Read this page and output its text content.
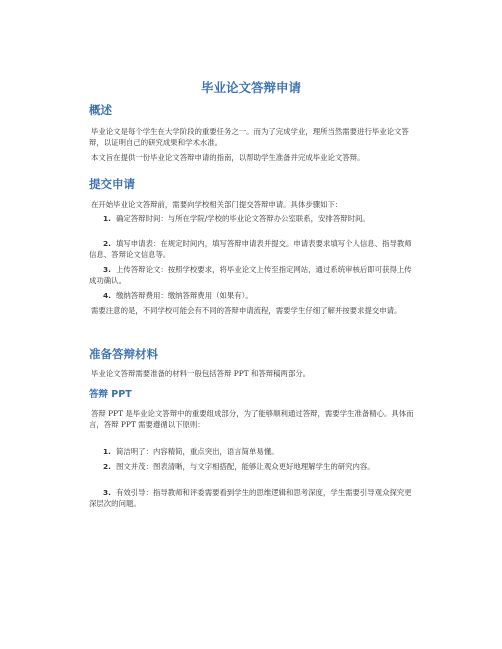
毕业论文答辩申请
概述
毕业论文是每个学生在大学阶段的重要任务之一。而为了完成学业，理所当然需要进行毕业论文答辩，以证明自己的研究成果和学术水准。
本文旨在提供一份毕业论文答辩申请的指南，以帮助学生准备并完成毕业论文答辩。
提交申请
在开始毕业论文答辩前，需要向学校相关部门提交答辩申请。具体步骤如下：
1. 确定答辩时间：与所在学院/学校的毕业论文答辩办公室联系，安排答辩时间。
2. 填写申请表：在规定时间内，填写答辩申请表并提交。申请表要求填写个人信息、指导教师信息、答辩论文信息等。
3. 上传答辩论文：按照学校要求，将毕业论文上传至指定网站，通过系统审核后即可获得上传成功确认。
4. 缴纳答辩费用：缴纳答辩费用（如果有）。
需要注意的是，不同学校可能会有不同的答辩申请流程，需要学生仔细了解并按要求提交申请。
准备答辩材料
毕业论文答辩需要准备的材料一般包括答辩 PPT 和答辩稿两部分。
答辩 PPT
答辩 PPT 是毕业论文答辩中的重要组成部分，为了能够顺利通过答辩，需要学生准备精心。具体而言，答辩 PPT 需要遵循以下原则：
1. 简洁明了：内容精简，重点突出，语言简单易懂。
2. 图文并茂：图表清晰，与文字相搭配，能够让观众更好地理解学生的研究内容。
3. 有效引导：指导教师和评委需要看到学生的思维逻辑和思考深度，学生需要引导观众探究更深层次的问题。
